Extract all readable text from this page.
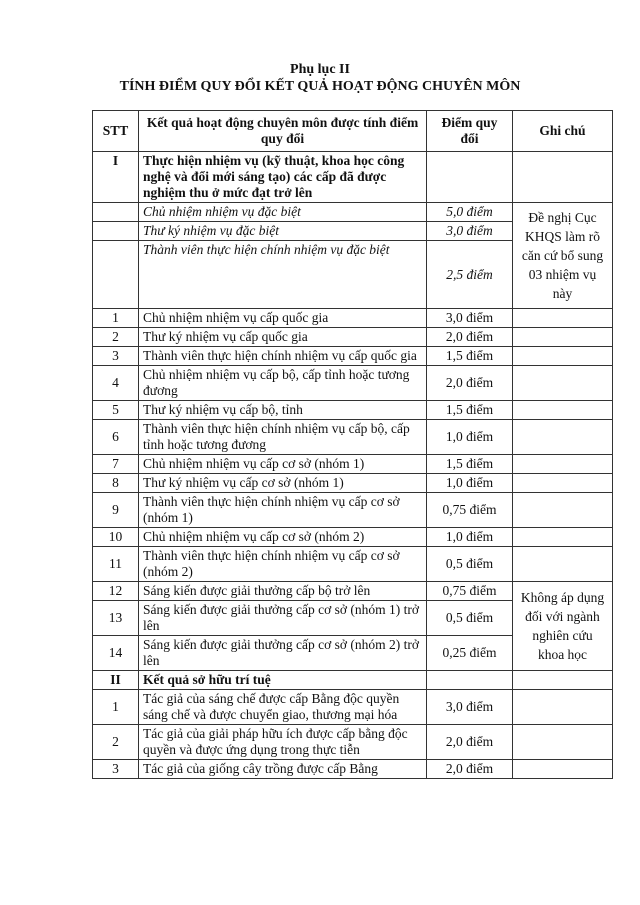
Phụ lục II
TÍNH ĐIỂM QUY ĐỔI KẾT QUẢ HOẠT ĐỘNG CHUYÊN MÔN
STT	Kết quả hoạt động chuyên môn được tính điểm quy đổi	Điểm quy đổi	Ghi chú
I	Thực hiện nhiệm vụ (kỹ thuật, khoa học công nghệ và đổi mới sáng tạo) các cấp đã được nghiệm thu ở mức đạt trở lên		
	Chủ nhiệm nhiệm vụ đặc biệt	5,0 điểm	Đề nghị Cục KHQS làm rõ căn cứ bổ sung 03 nhiệm vụ này
	Thư ký nhiệm vụ đặc biệt	3,0 điểm	
	Thành viên thực hiện chính nhiệm vụ đặc biệt	2,5 điểm	
1	Chủ nhiệm nhiệm vụ cấp quốc gia	3,0 điểm	
2	Thư ký nhiệm vụ cấp quốc gia	2,0 điểm	
3	Thành viên thực hiện chính nhiệm vụ cấp quốc gia	1,5 điểm	
4	Chủ nhiệm nhiệm vụ cấp bộ, cấp tỉnh hoặc tương đương	2,0 điểm	
5	Thư ký nhiệm vụ cấp bộ, tỉnh	1,5 điểm	
6	Thành viên thực hiện chính nhiệm vụ cấp bộ, cấp tỉnh hoặc tương đương	1,0 điểm	
7	Chủ nhiệm nhiệm vụ cấp cơ sở (nhóm 1)	1,5 điểm	
8	Thư ký nhiệm vụ cấp cơ sở (nhóm 1)	1,0 điểm	
9	Thành viên thực hiện chính nhiệm vụ cấp cơ sở (nhóm 1)	0,75 điểm	
10	Chủ nhiệm nhiệm vụ cấp cơ sở (nhóm 2)	1,0 điểm	
11	Thành viên thực hiện chính nhiệm vụ cấp cơ sở (nhóm 2)	0,5 điểm	
12	Sáng kiến được giải thưởng cấp bộ trở lên	0,75 điểm	Không áp dụng đối với ngành nghiên cứu khoa học
13	Sáng kiến được giải thưởng cấp cơ sở (nhóm 1) trở lên	0,5 điểm	
14	Sáng kiến được giải thưởng cấp cơ sở (nhóm 2) trở lên	0,25 điểm	
II	Kết quả sở hữu trí tuệ		
1	Tác giả của sáng chế được cấp Bằng độc quyền sáng chế và được chuyển giao, thương mại hóa	3,0 điểm	
2	Tác giả của giải pháp hữu ích được cấp bằng độc quyền và được ứng dụng trong thực tiễn	2,0 điểm	
3	Tác giả của giống cây trồng được cấp Bằng	2,0 điểm	
